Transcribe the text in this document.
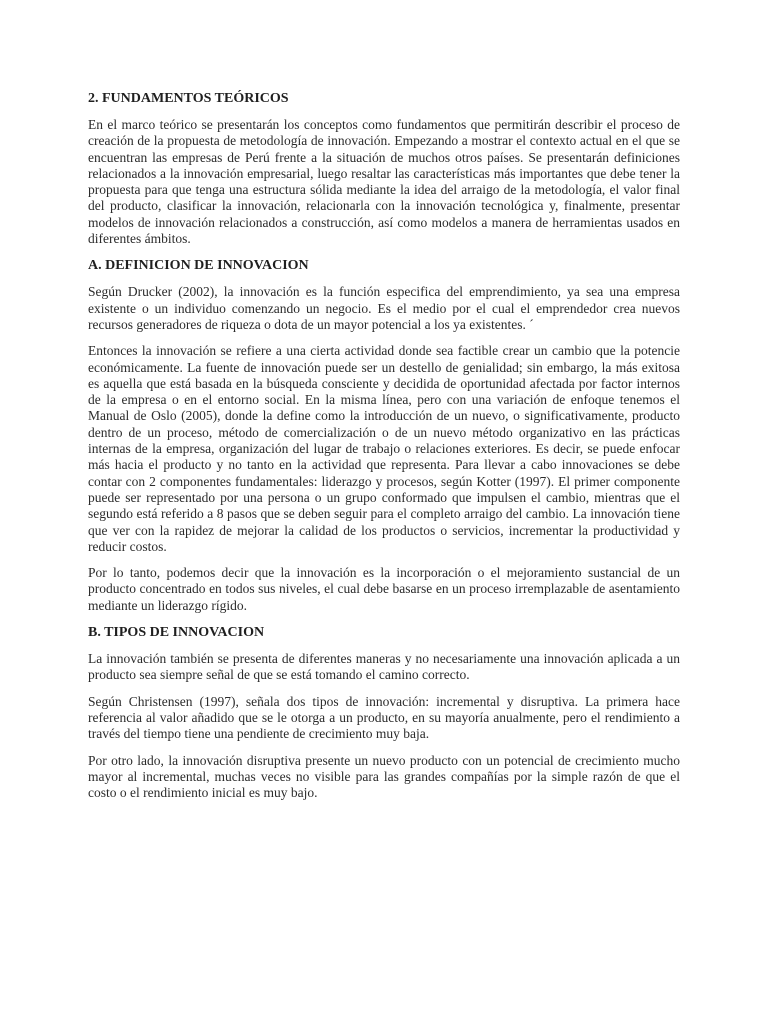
2. FUNDAMENTOS TEÓRICOS

En el marco teórico se presentarán los conceptos como fundamentos que permitirán describir el proceso de creación de la propuesta de metodología de innovación. Empezando a mostrar el contexto actual en el que se encuentran las empresas de Perú frente a la situación de muchos otros países. Se presentarán definiciones relacionados a la innovación empresarial, luego resaltar las características más importantes que debe tener la propuesta para que tenga una estructura sólida mediante la idea del arraigo de la metodología, el valor final del producto, clasificar la innovación, relacionarla con la innovación tecnológica y, finalmente, presentar modelos de innovación relacionados a construcción, así como modelos a manera de herramientas usados en diferentes ámbitos.

A. DEFINICION DE INNOVACION

Según Drucker (2002), la innovación es la función especifica del emprendimiento, ya sea una empresa existente o un individuo comenzando un negocio. Es el medio por el cual el emprendedor crea nuevos recursos generadores de riqueza o dota de un mayor potencial a los ya existentes. ´

Entonces la innovación se refiere a una cierta actividad donde sea factible crear un cambio que la potencie económicamente. La fuente de innovación puede ser un destello de genialidad; sin embargo, la más exitosa es aquella que está basada en la búsqueda consciente y decidida de oportunidad afectada por factor internos de la empresa o en el entorno social. En la misma línea, pero con una variación de enfoque tenemos el Manual de Oslo (2005), donde la define como la introducción de un nuevo, o significativamente, producto dentro de un proceso, método de comercialización o de un nuevo método organizativo en las prácticas internas de la empresa, organización del lugar de trabajo o relaciones exteriores. Es decir, se puede enfocar más hacia el producto y no tanto en la actividad que representa. Para llevar a cabo innovaciones se debe contar con 2 componentes fundamentales: liderazgo y procesos, según Kotter (1997). El primer componente puede ser representado por una persona o un grupo conformado que impulsen el cambio, mientras que el segundo está referido a 8 pasos que se deben seguir para el completo arraigo del cambio. La innovación tiene que ver con la rapidez de mejorar la calidad de los productos o servicios, incrementar la productividad y reducir costos.

Por lo tanto, podemos decir que la innovación es la incorporación o el mejoramiento sustancial de un producto concentrado en todos sus niveles, el cual debe basarse en un proceso irremplazable de asentamiento mediante un liderazgo rígido.

B. TIPOS DE INNOVACION

La innovación también se presenta de diferentes maneras y no necesariamente una innovación aplicada a un producto sea siempre señal de que se está tomando el camino correcto.

Según Christensen (1997), señala dos tipos de innovación: incremental y disruptiva. La primera hace referencia al valor añadido que se le otorga a un producto, en su mayoría anualmente, pero el rendimiento a través del tiempo tiene una pendiente de crecimiento muy baja.

Por otro lado, la innovación disruptiva presente un nuevo producto con un potencial de crecimiento mucho mayor al incremental, muchas veces no visible para las grandes compañías por la simple razón de que el costo o el rendimiento inicial es muy bajo.
